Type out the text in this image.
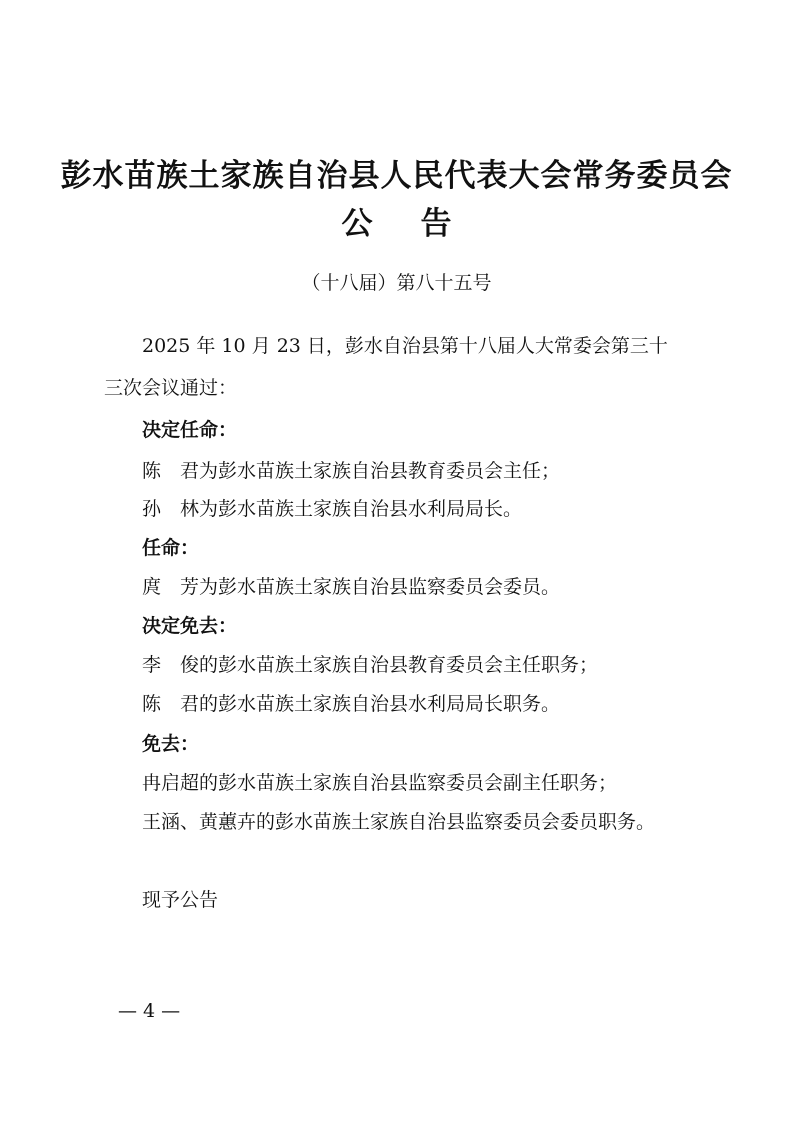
彭水苗族土家族自治县人民代表大会常务委员会
公告
（十八届）第八十五号
2025 年 10 月 23 日，彭水自治县第十八届人大常委会第三十
三次会议通过：
决定任命：
陈　君为彭水苗族土家族自治县教育委员会主任；
孙　林为彭水苗族土家族自治县水利局局长。
任命：
庹　芳为彭水苗族土家族自治县监察委员会委员。
决定免去：
李　俊的彭水苗族土家族自治县教育委员会主任职务；
陈　君的彭水苗族土家族自治县水利局局长职务。
免去：
冉启超的彭水苗族土家族自治县监察委员会副主任职务；
王涵、黄蕙卉的彭水苗族土家族自治县监察委员会委员职务。
现予公告
— 4 —
